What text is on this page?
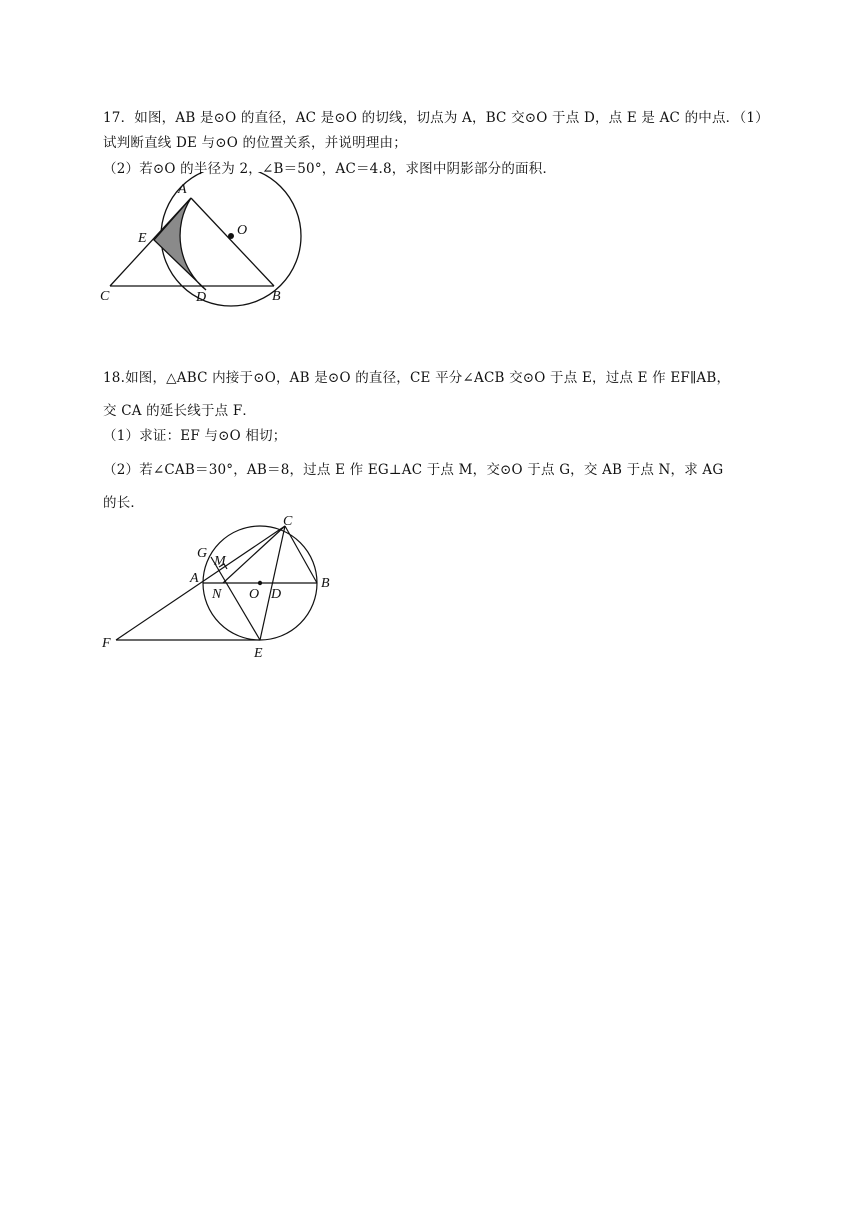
17．如图，AB 是⊙O 的直径，AC 是⊙O 的切线，切点为 A，BC 交⊙O 于点 D，点 E 是 AC 的中点．（1）
试判断直线 DE 与⊙O 的位置关系，并说明理由；
（2）若⊙O 的半径为 2，∠B＝50°，AC＝4.8，求图中阴影部分的面积．
A
O
E
C	D	B
18.如图，△ABC 内接于⊙O，AB 是⊙O 的直径，CE 平分∠ACB 交⊙O 于点 E，过点 E 作 EF∥AB，
交 CA 的延长线于点 F．
（1）求证：EF 与⊙O 相切；
（2）若∠CAB＝30°，AB＝8，过点 E 作 EG⊥AC 于点 M，交⊙O 于点 G，交 AB 于点 N，求 AG
的长．
C
G
M
A
N O D
B
F
E
